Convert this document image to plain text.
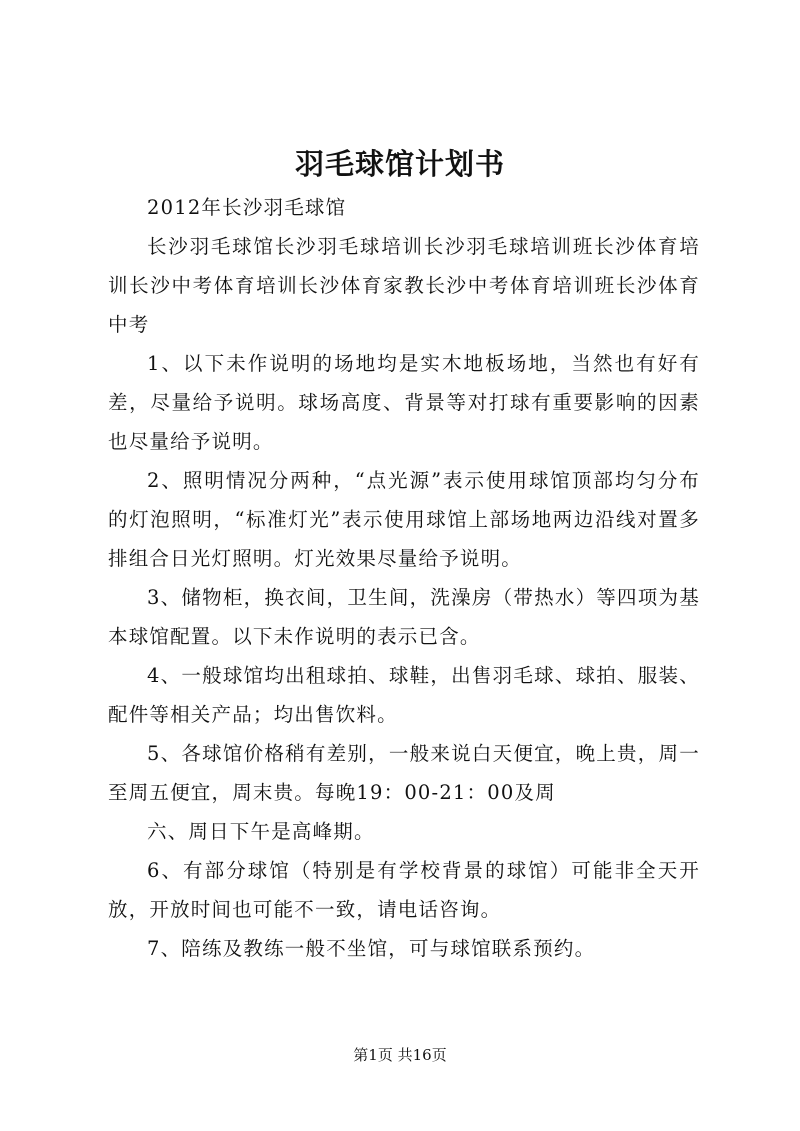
羽毛球馆计划书

2012年长沙羽毛球馆

长沙羽毛球馆长沙羽毛球培训长沙羽毛球培训班长沙体育培训长沙中考体育培训长沙体育家教长沙中考体育培训班长沙体育中考

1、以下未作说明的场地均是实木地板场地，当然也有好有差，尽量给予说明。球场高度、背景等对打球有重要影响的因素也尽量给予说明。

2、照明情况分两种，“点光源”表示使用球馆顶部均匀分布的灯泡照明，“标准灯光”表示使用球馆上部场地两边沿线对置多排组合日光灯照明。灯光效果尽量给予说明。

3、储物柜，换衣间，卫生间，洗澡房（带热水）等四项为基本球馆配置。以下未作说明的表示已含。

4、一般球馆均出租球拍、球鞋，出售羽毛球、球拍、服装、配件等相关产品；均出售饮料。

5、各球馆价格稍有差别，一般来说白天便宜，晚上贵，周一至周五便宜，周末贵。每晚19：00-21：00及周

六、周日下午是高峰期。

6、有部分球馆（特别是有学校背景的球馆）可能非全天开放，开放时间也可能不一致，请电话咨询。

7、陪练及教练一般不坐馆，可与球馆联系预约。

第1页 共16页
